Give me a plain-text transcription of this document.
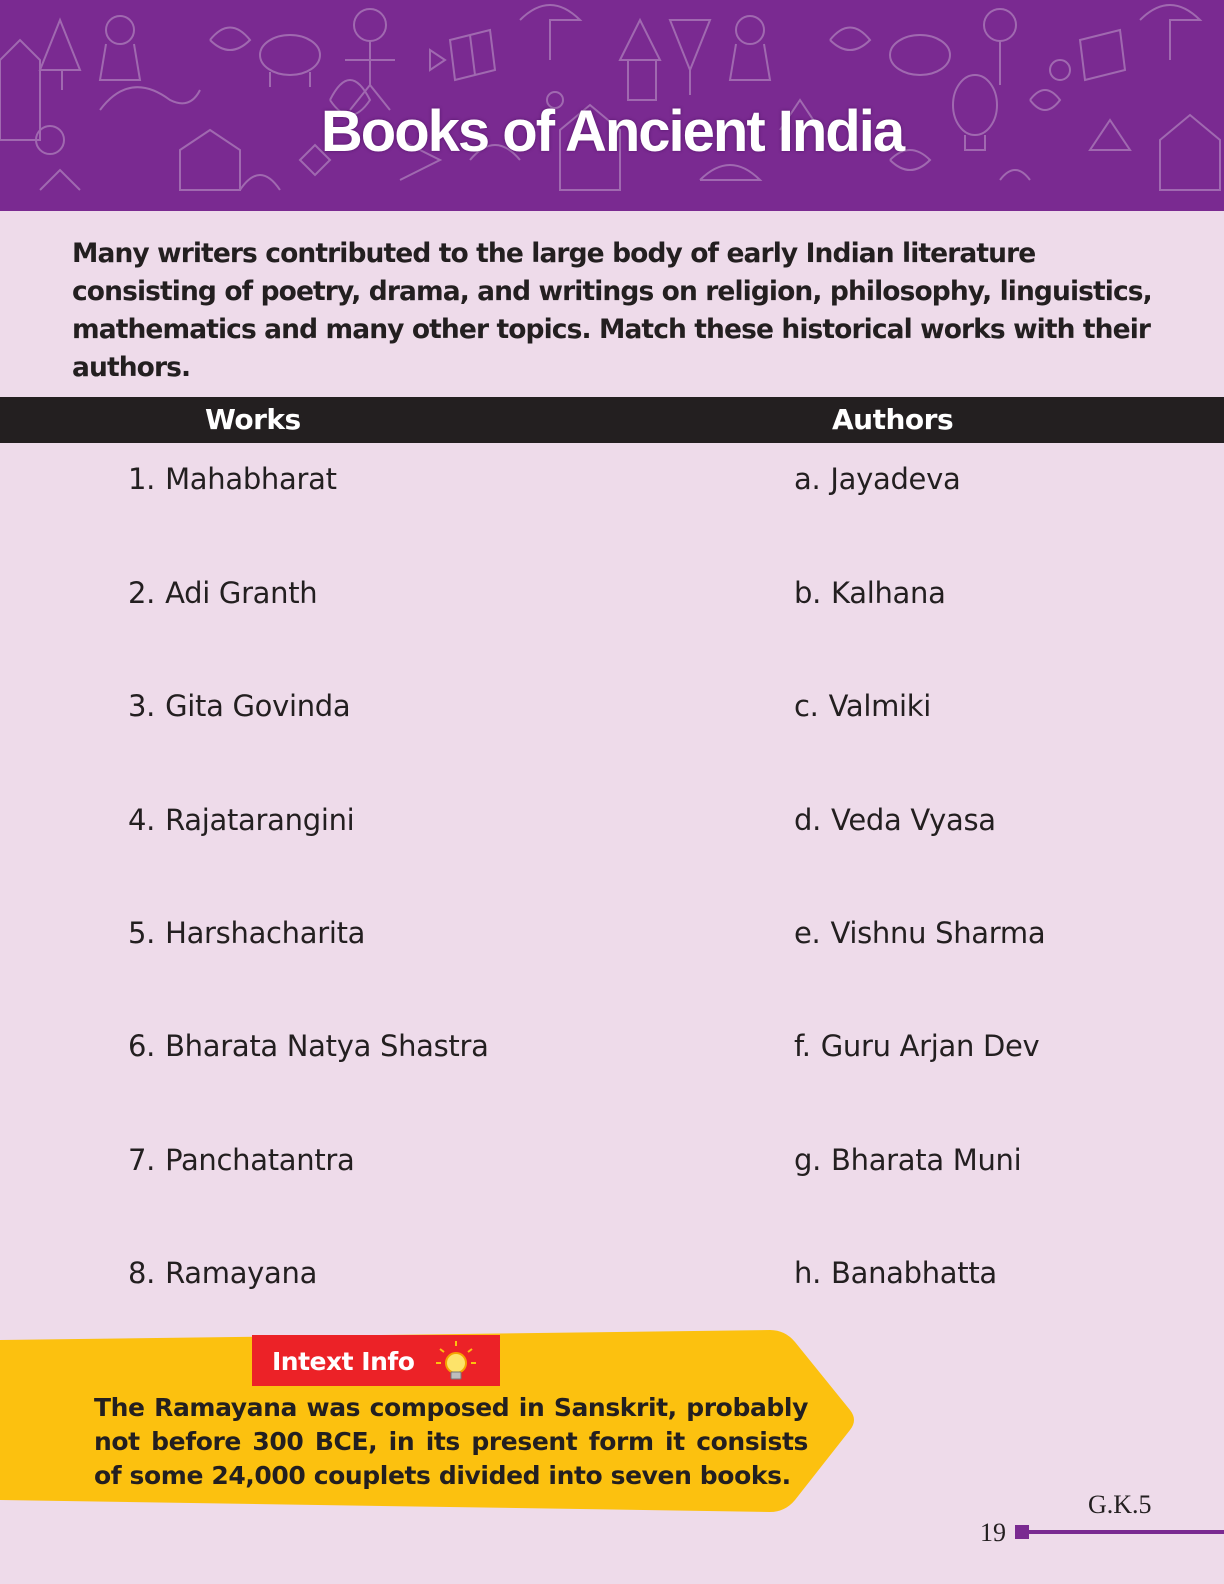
Books of Ancient India
Many writers contributed to the large body of early Indian literature consisting of poetry, drama, and writings on religion, philosophy, linguistics, mathematics and many other topics. Match these historical works with their authors.
Works	Authors
1. Mahabharat
2. Adi Granth
3. Gita Govinda
4. Rajatarangini
5. Harshacharita
6. Bharata Natya Shastra
7. Panchatantra
8. Ramayana
a. Jayadeva
b. Kalhana
c. Valmiki
d. Veda Vyasa
e. Vishnu Sharma
f. Guru Arjan Dev
g. Bharata Muni
h. Banabhatta
Intext Info
The Ramayana was composed in Sanskrit, probably not before 300 BCE, in its present form it consists of some 24,000 couplets divided into seven books.
G.K.5
19
